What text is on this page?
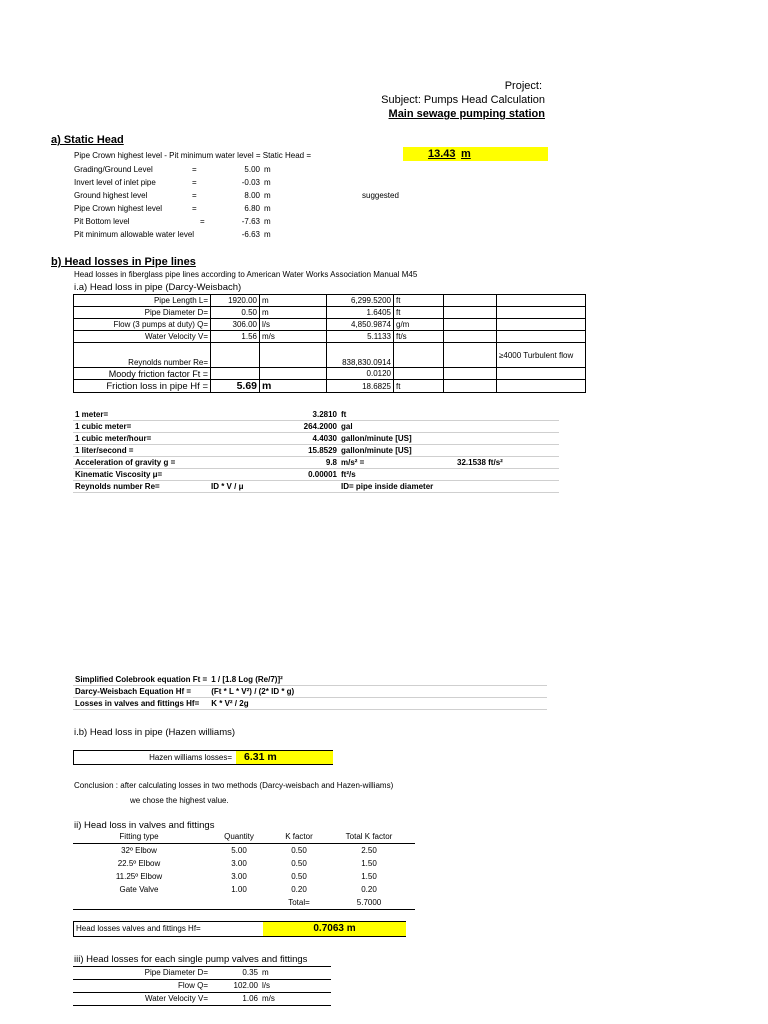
Project:
Subject: Pumps Head Calculation
Main sewage pumping station
a) Static Head
Pipe Crown highest level - Pit minimum water level = Static Head =	13.43 m
Grading/Ground Level	=	5.00 m
Invert level of inlet pipe	=	-0.03 m
Ground highest level	=	8.00 m	suggested
Pipe Crown highest level	=	6.80 m
Pit Bottom level	=	-7.63 m
Pit minimum allowable water level	-6.63 m
b) Head losses in Pipe lines
Head losses in fiberglass pipe lines according to American Water Works Association Manual M45
i.a) Head loss in pipe (Darcy-Weisbach)
Pipe Length L=	1920.00	m	6,299.5200	ft		
Pipe Diameter D=	0.50	m	1.6405	ft		
Flow (3 pumps at duty) Q=	306.00	l/s	4,850.9874	g/m		
Water Velocity V=	1.56	m/s	5.1133	ft/s		
Reynolds number Re=			838,830.0914			≥4000 Turbulent flow
Moody friction factor Ft =			0.0120			
Friction loss in pipe Hf =	5.69	m	18.6825	ft		
1 meter=		3.2810	ft	
1 cubic meter=		264.2000	gal	
1 cubic meter/hour=		4.4030	gallon/minute [US]	
1 liter/second =		15.8529	gallon/minute [US]	
Acceleration of gravity g =		9.8	m/s² =	32.1538 ft/s²
Kinematic Viscosity μ=		0.00001	ft²/s	
Reynolds number Re=	ID * V / μ		ID= pipe inside diameter	
Simplified Colebrook equation Ft =	1 / [1.8 Log (Re/7)]²
Darcy-Weisbach Equation Hf =	(Ft * L * V²) / (2* ID * g)
Losses in valves and fittings Hf=	K * V² / 2g
i.b) Head loss in pipe (Hazen williams)
Hazen williams losses=	6.31 m
Conclusion : after calculating losses in two methods (Darcy-weisbach and Hazen-williams)
we chose the highest value.
ii) Head loss in valves and fittings
Fitting type	Quantity	K factor	Total K factor
32º Elbow	5.00	0.50	2.50
22.5º Elbow	3.00	0.50	1.50
11.25º Elbow	3.00	0.50	1.50
Gate Valve	1.00	0.20	0.20
Total=	5.7000
Head losses valves and fittings Hf=	0.7063 m
iii) Head losses for each single pump valves and fittings
Pipe Diameter D=	0.35 m
Flow Q=	102.00 l/s
Water Velocity V=	1.06 m/s
